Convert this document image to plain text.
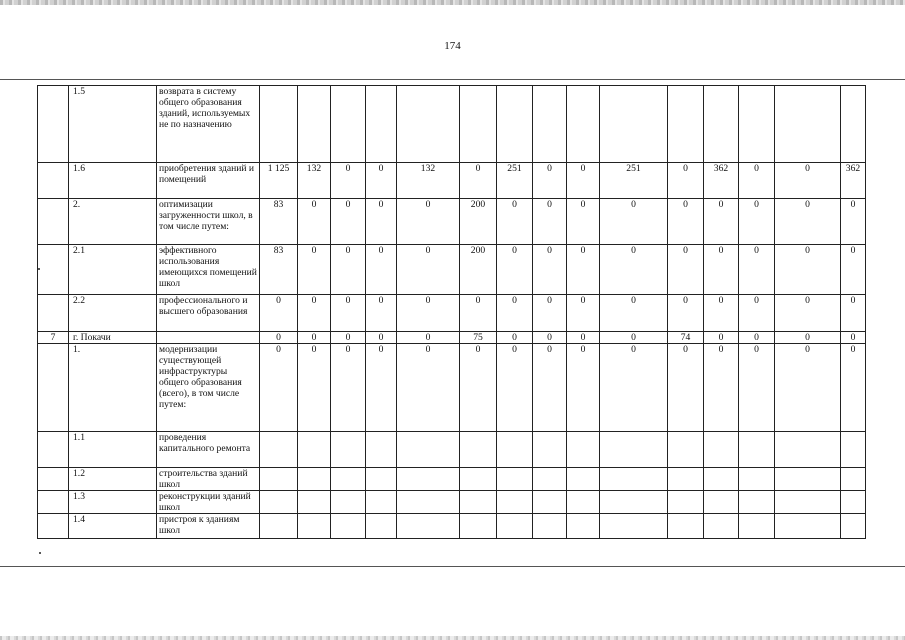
174
	1.5	возврата в систему общего образования зданий, используемых не по назначению															
	1.6	приобретения зданий и помещений	1 125	132	0	0	132	0	251	0	0	251	0	362	0	0	362
	2.	оптимизации загруженности школ, в том числе путем:	83	0	0	0	0	200	0	0	0	0	0	0	0	0	0
	2.1	эффективного использования имеющихся помещений школ	83	0	0	0	0	200	0	0	0	0	0	0	0	0	0
	2.2	профессионального и высшего образования	0	0	0	0	0	0	0	0	0	0	0	0	0	0	0
7	г. Покачи		0	0	0	0	0	75	0	0	0	0	74	0	0	0	0
	1.	модернизации существующей инфраструктуры общего образования (всего), в том числе путем:	0	0	0	0	0	0	0	0	0	0	0	0	0	0	0
	1.1	проведения капитального ремонта															
	1.2	строительства зданий школ															
	1.3	реконструкции зданий школ															
	1.4	пристроя к зданиям школ															
